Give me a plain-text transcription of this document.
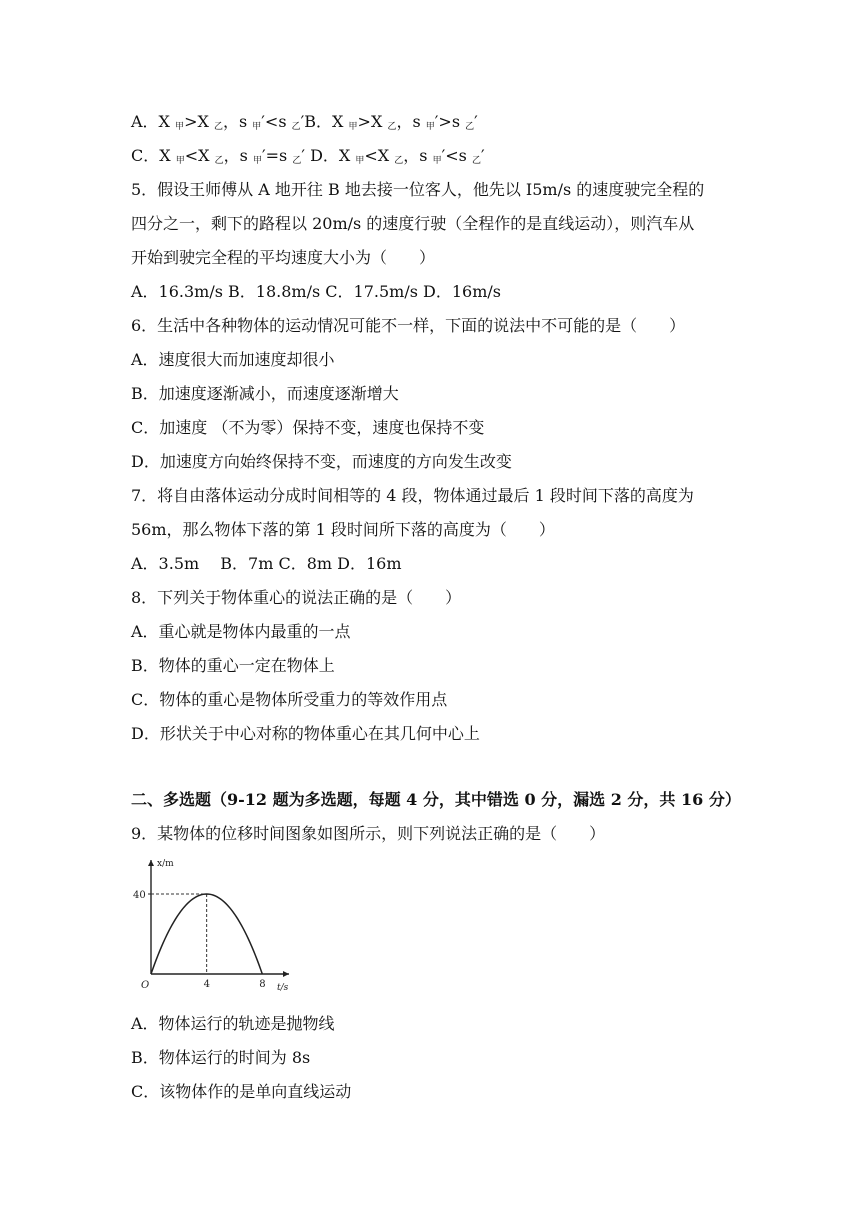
A．X $_甲$>X $_乙$，s $_甲$′<s $_乙$′B．X $_甲$>X $_乙$，s $_甲$′>s $_乙$′
C．X $_甲$<X $_乙$，s $_甲$′=s $_乙$′ D．X $_甲$<X $_乙$，s $_甲$′<s $_乙$′
5．假设王师傅从 A 地开往 B 地去接一位客人，他先以 I5m/s 的速度驶完全程的
四分之一，剩下的路程以 20m/s 的速度行驶（全程作的是直线运动），则汽车从
开始到驶完全程的平均速度大小为（　　）
A．16.3m/s B．18.8m/s C．17.5m/s D．16m/s
6．生活中各种物体的运动情况可能不一样，下面的说法中不可能的是（　　）
A．速度很大而加速度却很小
B．加速度逐渐减小，而速度逐渐增大
C．加速度 （不为零）保持不变，速度也保持不变
D．加速度方向始终保持不变，而速度的方向发生改变
7．将自由落体运动分成时间相等的 4 段，物体通过最后 1 段时间下落的高度为
56m，那么物体下落的第 1 段时间所下落的高度为（　　）
A．3.5m　 B．7m C．8m D．16m
8．下列关于物体重心的说法正确的是（　　）
A．重心就是物体内最重的一点
B．物体的重心一定在物体上
C．物体的重心是物体所受重力的等效作用点
D．形状关于中心对称的物体重心在其几何中心上
二、多选题（9-12 题为多选题，每题 4 分，其中错选 0 分，漏选 2 分，共 16 分）
9．某物体的位移时间图象如图所示，则下列说法正确的是（　　）
x/m
t/s
O
40
4	8
A．物体运行的轨迹是抛物线
B．物体运行的时间为 8s
C．该物体作的是单向直线运动
